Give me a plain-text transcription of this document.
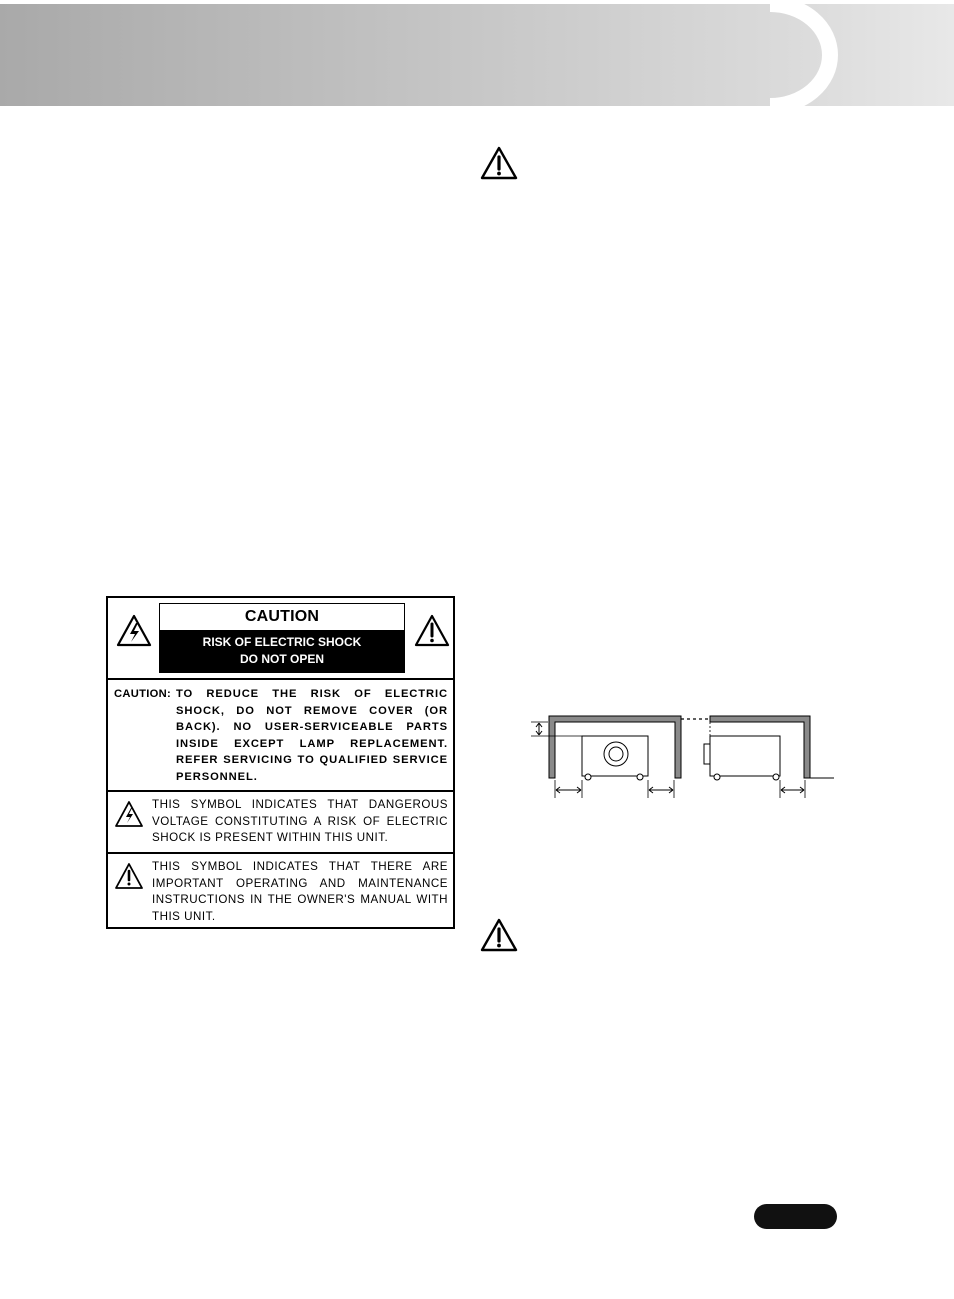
CAUTION
RISK OF ELECTRIC SHOCK
DO NOT OPEN
CAUTION: TO REDUCE THE RISK OF ELECTRIC
SHOCK, DO NOT REMOVE COVER (OR
BACK). NO USER-SERVICEABLE PARTS
INSIDE EXCEPT LAMP REPLACEMENT.
REFER SERVICING TO QUALIFIED SERVICE
PERSONNEL.
THIS SYMBOL INDICATES THAT DANGEROUS
VOLTAGE CONSTITUTING A RISK OF ELECTRIC
SHOCK IS PRESENT WITHIN THIS UNIT.
THIS SYMBOL INDICATES THAT THERE ARE
IMPORTANT OPERATING AND MAINTENANCE
INSTRUCTIONS IN THE OWNER'S MANUAL WITH
THIS UNIT.
